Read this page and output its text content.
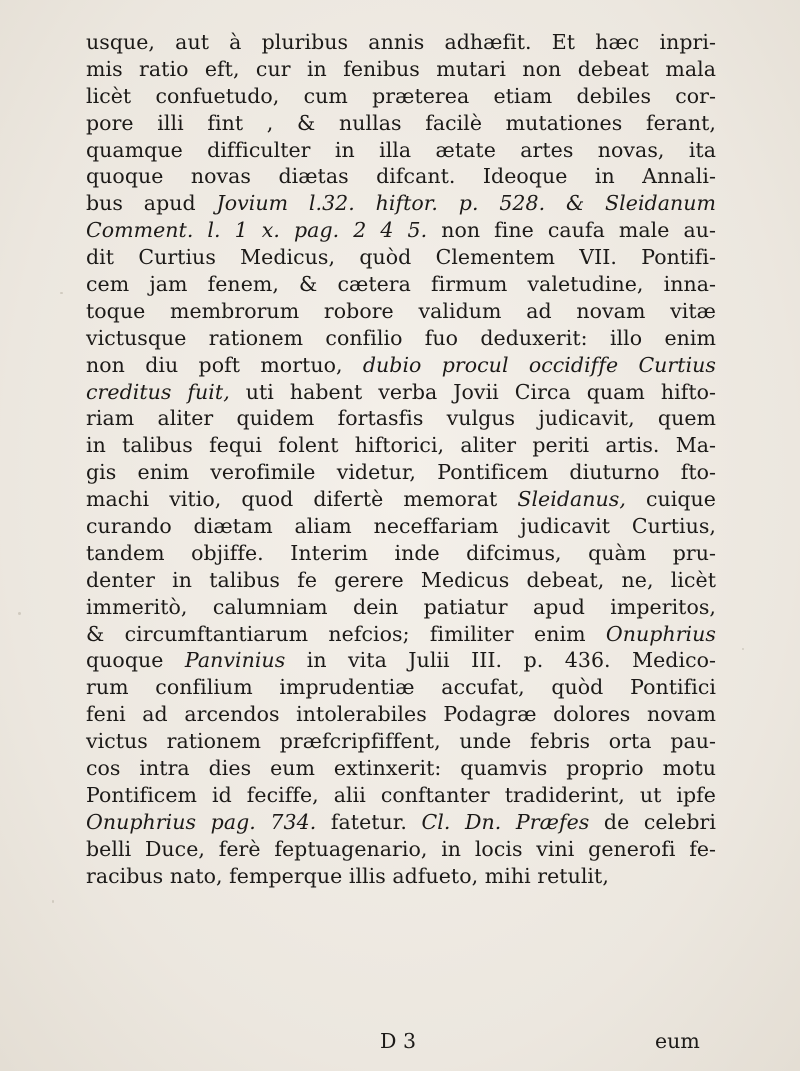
usque, aut à pluribus annis adhæfit. Et hæc inpri-
mis ratio eft, cur in fenibus mutari non debeat mala
licèt confuetudo, cum præterea etiam debiles cor-
pore illi fint , & nullas facilè mutationes ferant,
quamque difficulter in illa ætate artes novas, ita
quoque novas diætas difcant. Ideoque in Annali-
bus apud Jovium l.32. hiftor. p. 528. & Sleidanum
Comment. l. 1 x. pag. 2 4 5. non fine caufa male au-
dit Curtius Medicus, quòd Clementem VII. Pontifi-
cem jam fenem, & cætera firmum valetudine, inna-
toque membrorum robore validum ad novam vitæ
victusque rationem confilio fuo deduxerit: illo enim
non diu poft mortuo, dubio procul occidiffe Curtius
creditus fuit, uti habent verba Jovii Circa quam hifto-
riam aliter quidem fortasfis vulgus judicavit, quem
in talibus fequi folent hiftorici, aliter periti artis. Ma-
gis enim verofimile videtur, Pontificem diuturno fto-
machi vitio, quod difertè memorat Sleidanus, cuique
curando diætam aliam neceffariam judicavit Curtius,
tandem objiffe. Interim inde difcimus, quàm pru-
denter in talibus fe gerere Medicus debeat, ne, licèt
immeritò, calumniam dein patiatur apud imperitos,
& circumftantiarum nefcios; fimiliter enim Onuphrius
quoque Panvinius in vita Julii III. p. 436. Medico-
rum confilium imprudentiæ accufat, quòd Pontifici
feni ad arcendos intolerabiles Podagræ dolores novam
victus rationem præfcripfiffent, unde febris orta pau-
cos intra dies eum extinxerit: quamvis proprio motu
Pontificem id feciffe, alii conftanter tradiderint, ut ipfe
Onuphrius pag. 734. fatetur. Cl. Dn. Præfes de celebri
belli Duce, ferè feptuagenario, in locis vini generofi fe-
racibus nato, femperque illis adfueto, mihi retulit,
D 3	eum
